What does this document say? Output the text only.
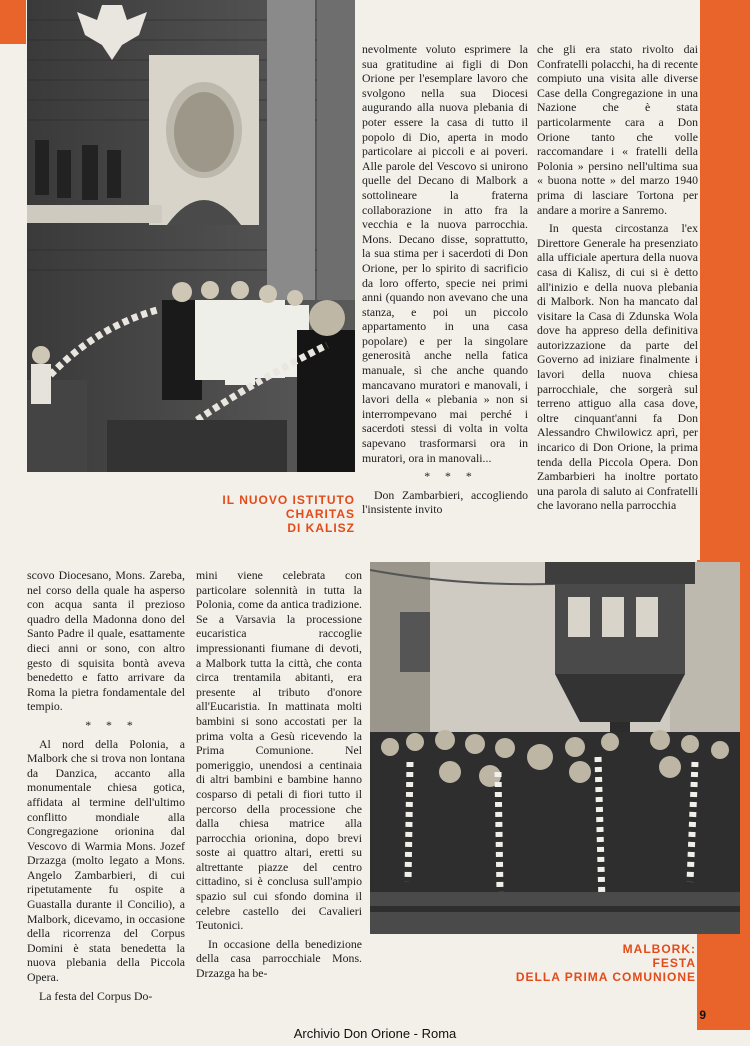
nevolmente voluto esprimere la sua gratitudine ai figli di Don Orione per l'esemplare lavoro che svolgono nella sua Diocesi augurando alla nuova plebania di poter essere la casa di tutto il popolo di Dio, aperta in modo particolare ai piccoli e ai poveri. Alle parole del Vescovo si unirono quelle del Decano di Malbork a sottolineare la fraterna collaborazione in atto fra la vecchia e la nuova parrocchia. Mons. Decano disse, soprattutto, la sua stima per i sacerdoti di Don Orione, per lo spirito di sacrificio da loro offerto, specie nei primi anni (quando non avevano che una stanza, e poi un piccolo appartamento in una casa popolare) e per la singolare generosità anche nella fatica manuale, sì che anche quando mancavano muratori e manovali, i lavori della « plebania » non si interrompevano mai perché i sacerdoti stessi di volta in volta sapevano trasformarsi ora in muratori, ora in manovali...

* * *

Don Zambarbieri, accogliendo l'insistente invito

che gli era stato rivolto dai Confratelli polacchi, ha di recente compiuto una visita alle diverse Case della Congregazione in una Nazione che è stata particolarmente cara a Don Orione tanto che volle raccomandare i « fratelli della Polonia » persino nell'ultima sua « buona notte » del marzo 1940 prima di lasciare Tortona per andare a morire a Sanremo.

In questa circostanza l'ex Direttore Generale ha presenziato alla ufficiale apertura della nuova casa di Kalisz, di cui si è detto all'inizio e della nuova plebania di Malbork. Non ha mancato dal visitare la Casa di Zdunska Wola dove ha appreso della definitiva autorizzazione da parte del Governo ad iniziare finalmente i lavori della nuova chiesa parrocchiale, che sorgerà sul terreno attiguo alla casa dove, oltre cinquant'anni fa Don Alessandro Chwilowicz aprì, per incarico di Don Orione, la prima tenda della Piccola Opera. Don Zambarbieri ha inoltre portato una parola di saluto ai Confratelli che lavorano nella parrocchia

IL NUOVO ISTITUTO
CHARITAS
DI KALISZ

scovo Diocesano, Mons. Zareba, nel corso della quale ha asperso con acqua santa il prezioso quadro della Madonna dono del Santo Padre il quale, esattamente dieci anni or sono, con altro gesto di squisita bontà aveva benedetto e fatto arrivare da Roma la pietra fondamentale del tempio.

* * *

Al nord della Polonia, a Malbork che si trova non lontana da Danzica, accanto alla monumentale chiesa gotica, affidata al termine dell'ultimo conflitto mondiale alla Congregazione orionina dal Vescovo di Warmia Mons. Jozef Drzazga (molto legato a Mons. Angelo Zambarbieri, di cui ripetutamente fu ospite a Guastalla durante il Concilio), a Malbork, dicevamo, in occasione della ricorrenza del Corpus Domini è stata benedetta la nuova plebania della Piccola Opera.

La festa del Corpus Do-

mini viene celebrata con particolare solennità in tutta la Polonia, come da antica tradizione. Se a Varsavia la processione eucaristica raccoglie impressionanti fiumane di devoti, a Malbork tutta la città, che conta circa trentamila abitanti, era presente al tributo d'onore all'Eucaristia. In mattinata molti bambini si sono accostati per la prima volta a Gesù ricevendo la Prima Comunione. Nel pomeriggio, unendosi a centinaia di altri bambini e bambine hanno cosparso di petali di fiori tutto il percorso della processione che dalla chiesa matrice alla parrocchia orionina, dopo brevi soste ai quattro altari, eretti su altrettante piazze del centro cittadino, si è conclusa sull'ampio spazio sul cui sfondo domina il celebre castello dei Cavalieri Teutonici.

In occasione della benedizione della casa parrocchiale Mons. Drzazga ha be-

MALBORK:
FESTA
DELLA PRIMA COMUNIONE
9
Archivio Don Orione - Roma
